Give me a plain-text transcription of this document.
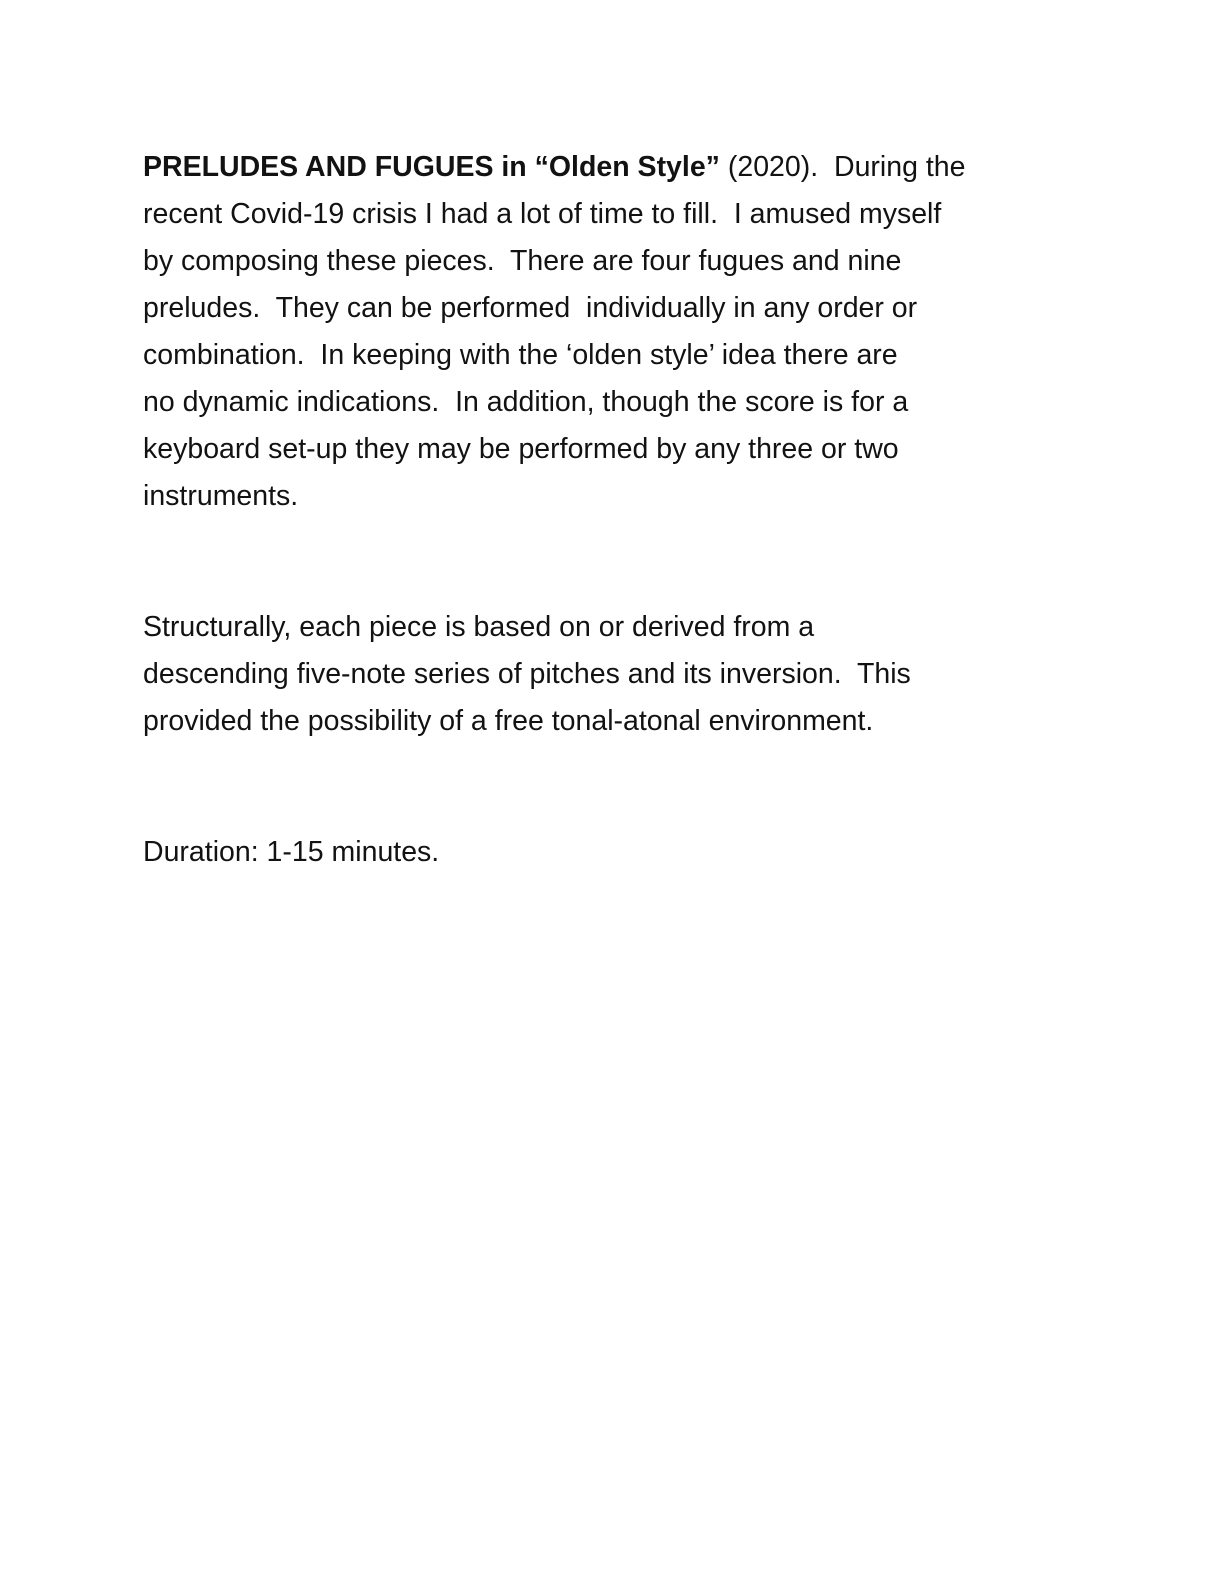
PRELUDES AND FUGUES in “Olden Style” (2020).  During the
recent Covid-19 crisis I had a lot of time to fill.  I amused myself
by composing these pieces.  There are four fugues and nine
preludes.  They can be performed  individually in any order or
combination.  In keeping with the ‘olden style’ idea there are
no dynamic indications.  In addition, though the score is for a
keyboard set-up they may be performed by any three or two
instruments.
Structurally, each piece is based on or derived from a
descending five-note series of pitches and its inversion.  This
provided the possibility of a free tonal-atonal environment.
Duration: 1-15 minutes.
